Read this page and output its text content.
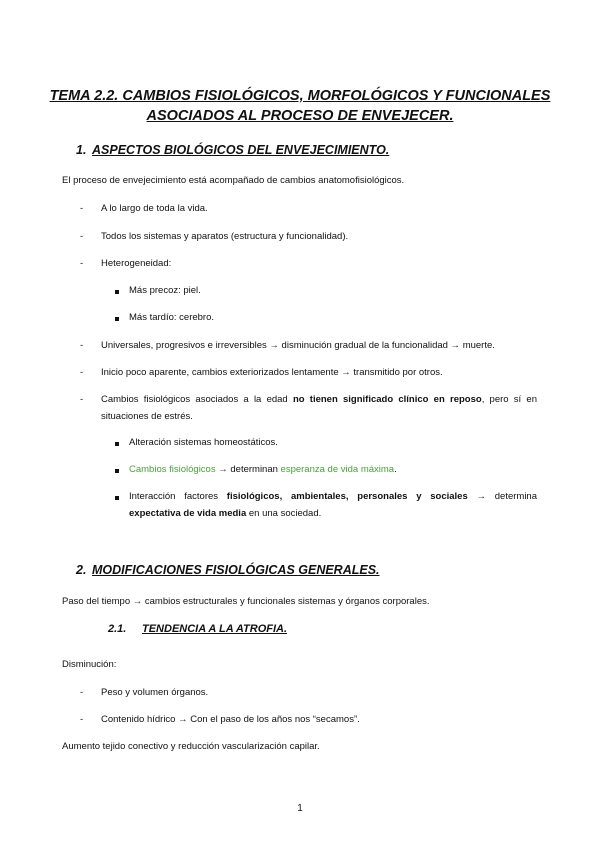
TEMA 2.2. CAMBIOS FISIOLÓGICOS, MORFOLÓGICOS Y FUNCIONALES
ASOCIADOS AL PROCESO DE ENVEJECER.
1. ASPECTOS BIOLÓGICOS DEL ENVEJECIMIENTO.
El proceso de envejecimiento está acompañado de cambios anatomofisiológicos.
- A lo largo de toda la vida.
- Todos los sistemas y aparatos (estructura y funcionalidad).
- Heterogeneidad:
Más precoz: piel.
Más tardío: cerebro.
- Universales, progresivos e irreversibles → disminución gradual de la funcionalidad → muerte.
- Inicio poco aparente, cambios exteriorizados lentamente → transmitido por otros.
- Cambios fisiológicos asociados a la edad no tienen significado clínico en reposo, pero sí en situaciones de estrés.
Alteración sistemas homeostáticos.
Cambios fisiológicos → determinan esperanza de vida máxima.
Interacción factores fisiológicos, ambientales, personales y sociales → determina expectativa de vida media en una sociedad.
2. MODIFICACIONES FISIOLÓGICAS GENERALES.
Paso del tiempo → cambios estructurales y funcionales sistemas y órganos corporales.
2.1. TENDENCIA A LA ATROFIA.
Disminución:
- Peso y volumen órganos.
- Contenido hídrico → Con el paso de los años nos “secamos”.
Aumento tejido conectivo y reducción vascularización capilar.
1
